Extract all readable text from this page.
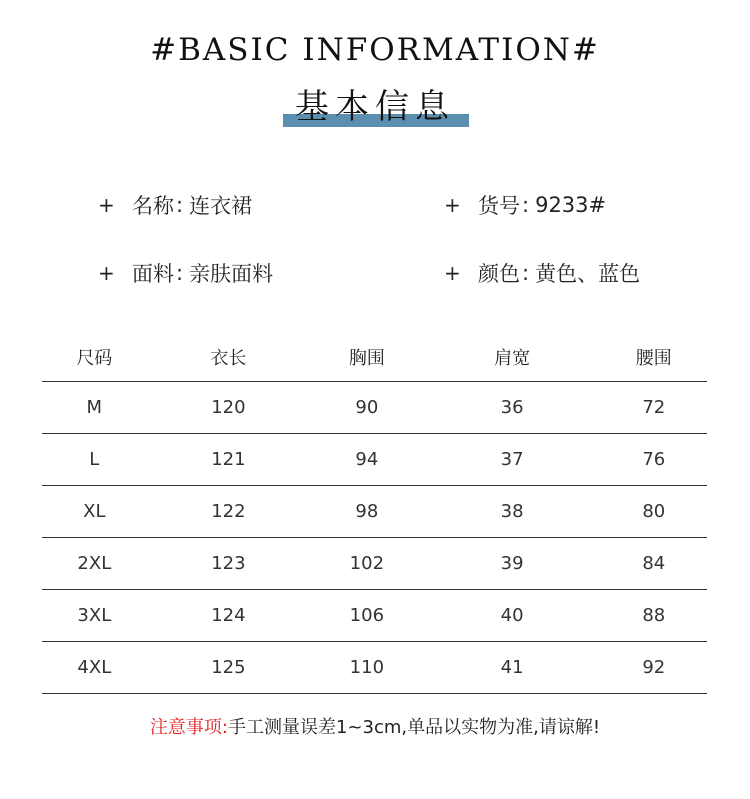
#BASIC INFORMATION#
基本信息
+ 名称 : 连衣裙	+ 货号 : 9233#
+ 面料 : 亲肤面料	+ 颜色 : 黄色、蓝色
尺码	衣长	胸围	肩宽	腰围
M	120	90	36	72
L	121	94	37	76
XL	122	98	38	80
2XL	123	102	39	84
3XL	124	106	40	88
4XL	125	110	41	92
注意事项:手工测量误差1~3cm,单品以实物为准,请谅解!
